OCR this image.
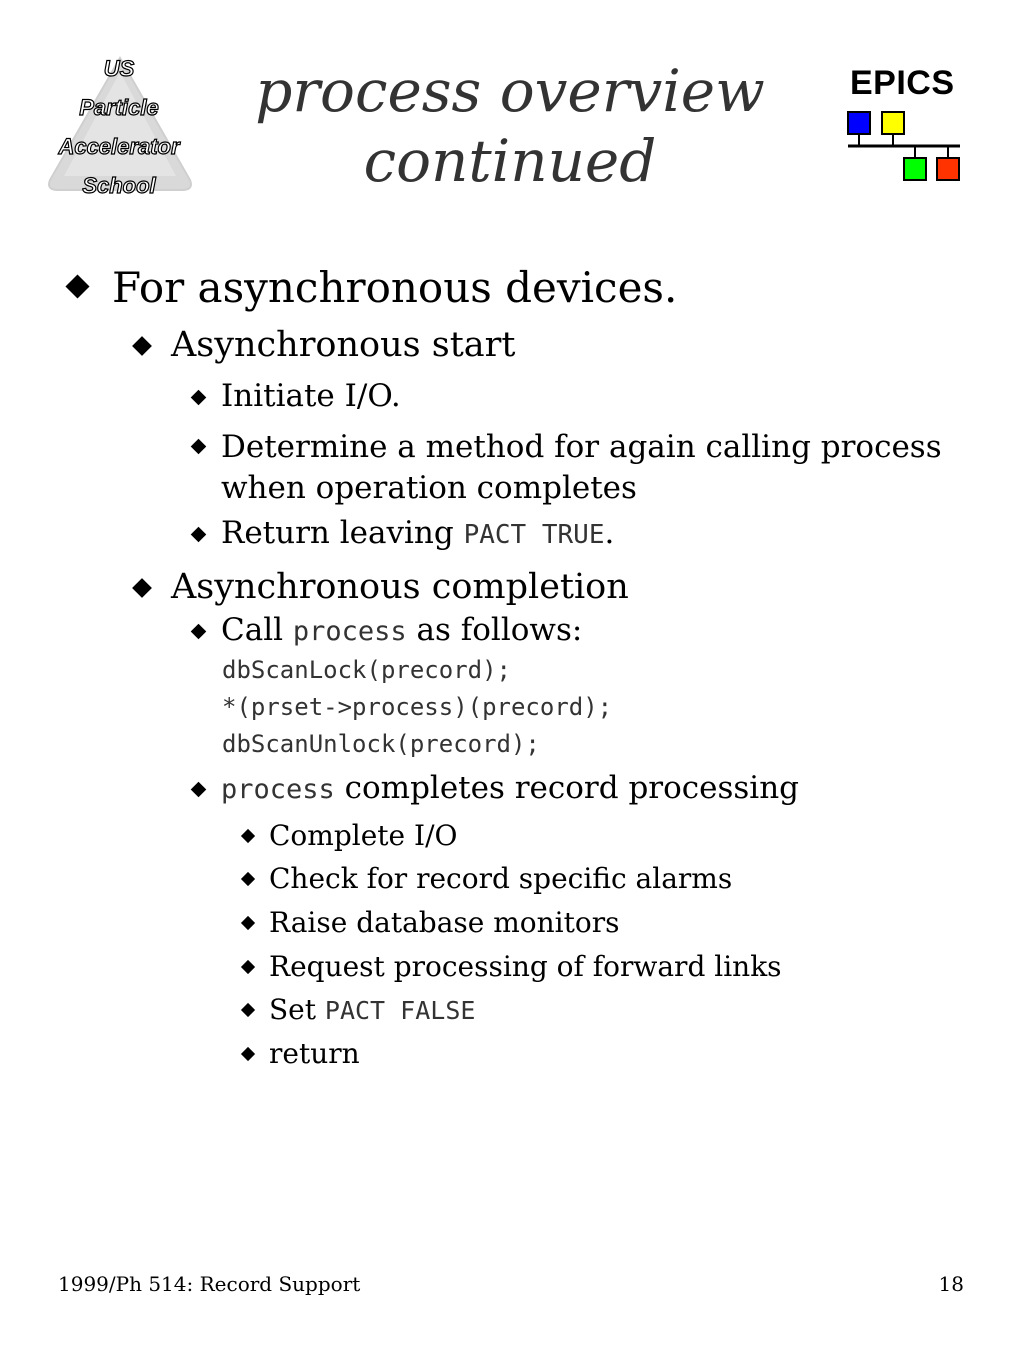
US
Particle
Accelerator
School
process overview
continued
EPICS
For asynchronous devices.
Asynchronous start
Initiate I/O.
Determine a method for again calling process
when operation completes
Return leaving PACT TRUE.
Asynchronous completion
Call process as follows:
dbScanLock(precord);
*(prset->process)(precord);
dbScanUnlock(precord);
process completes record processing
Complete I/O
Check for record specific alarms
Raise database monitors
Request processing of forward links
Set PACT FALSE
return
1999/Ph 514: Record Support	18
